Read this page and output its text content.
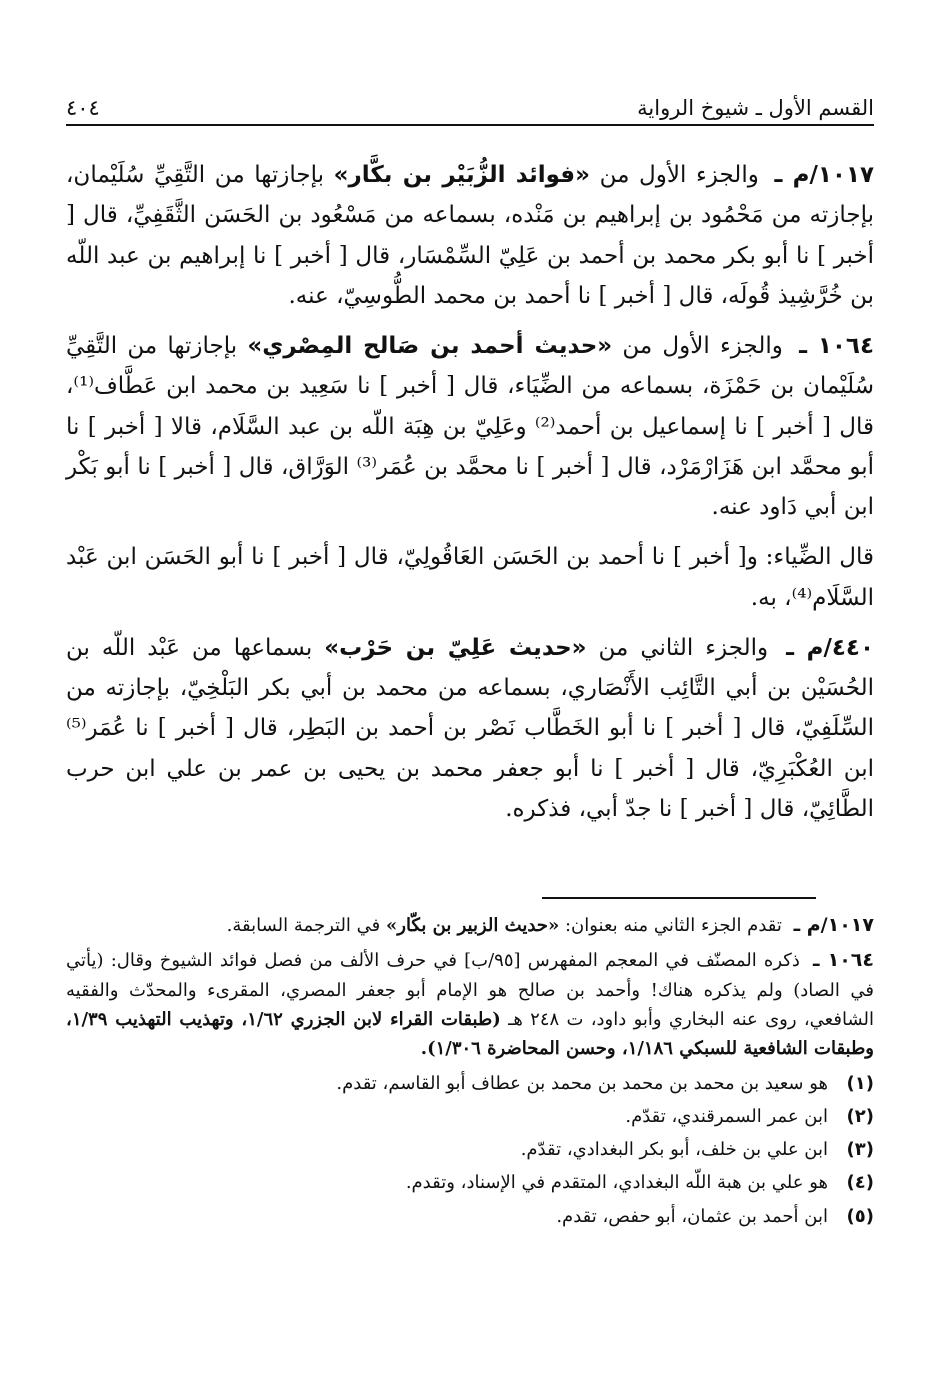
القسم الأول ـ شيوخ الرواية
٤٠٤

١٠١٧/م ـ والجزء الأول من «فوائد الزُّبَيْر بن بكَّار» بإجازتها من التَّقِيِّ سُلَيْمان، بإجازته من مَحْمُود بن إبراهيم بن مَنْده، بسماعه من مَسْعُود بن الحَسَن الثَّقَفِيِّ، قال [ أخبر ] نا أبو بكر محمد بن أحمد بن عَلِيّ السِّمْسَار، قال [ أخبر ] نا إبراهيم بن عبد اللّه بن خُرَّشِيذ قُولَه، قال [ أخبر ] نا أحمد بن محمد الطُّوسِيّ، عنه.

١٠٦٤ ـ والجزء الأول من «حديث أحمد بن صَالح المِصْري» بإجازتها من التَّقِيِّ سُلَيْمان بن حَمْزَة، بسماعه من الضِّيَاء، قال [ أخبر ] نا سَعِيد بن محمد ابن عَطَّاف⁽¹⁾، قال [ أخبر ] نا إسماعيل بن أحمد⁽²⁾ وعَلِيّ بن هِبَة اللّه بن عبد السَّلَام، قالا [ أخبر ] نا أبو محمَّد ابن هَزَارْمَرْد، قال [ أخبر ] نا محمَّد بن عُمَر⁽³⁾ الوَرَّاق، قال [ أخبر ] نا أبو بَكْر ابن أبي دَاود عنه.

قال الضِّياء: و[ أخبر ] نا أحمد بن الحَسَن العَاقُولِيّ، قال [ أخبر ] نا أبو الحَسَن ابن عَبْد السَّلَام⁽⁴⁾، به.

٤٤٠/م ـ والجزء الثاني من «حديث عَلِيّ بن حَرْب» بسماعها من عَبْد اللّه بن الحُسَيْن بن أبي التَّائِب الأَنْصَاري، بسماعه من محمد بن أبي بكر البَلْخِيّ، بإجازته من السِّلَفِيّ، قال [ أخبر ] نا أبو الخَطَّاب نَصْر بن أحمد بن البَطِر، قال [ أخبر ] نا عُمَر⁽⁵⁾ ابن العُكْبَرِيّ، قال [ أخبر ] نا أبو جعفر محمد بن يحيى بن عمر بن علي ابن حرب الطَّائِيّ، قال [ أخبر ] نا جدّ أبي، فذكره.

١٠١٧/م ـ تقدم الجزء الثاني منه بعنوان: «حديث الزبير بن بكّار» في الترجمة السابقة.

١٠٦٤ ـ ذكره المصنّف في المعجم المفهرس [٩٥/ب] في حرف الألف من فصل فوائد الشيوخ وقال: (يأتي في الصاد) ولم يذكره هناك! وأحمد بن صالح هو الإمام أبو جعفر المصري، المقرىء والمحدّث والفقيه الشافعي، روى عنه البخاري وأبو داود، ت ٢٤٨ هـ (طبقات القراء لابن الجزري ١/٦٢، وتهذيب التهذيب ١/٣٩، وطبقات الشافعية للسبكي ١/١٨٦، وحسن المحاضرة ١/٣٠٦).

(١)
هو سعيد بن محمد بن محمد بن محمد بن عطاف أبو القاسم، تقدم.
(٢)
ابن عمر السمرقندي، تقدّم.
(٣)
ابن علي بن خلف، أبو بكر البغدادي، تقدّم.
(٤)
هو علي بن هبة اللّه البغدادي، المتقدم في الإسناد، وتقدم.
(٥)
ابن أحمد بن عثمان، أبو حفص، تقدم.
